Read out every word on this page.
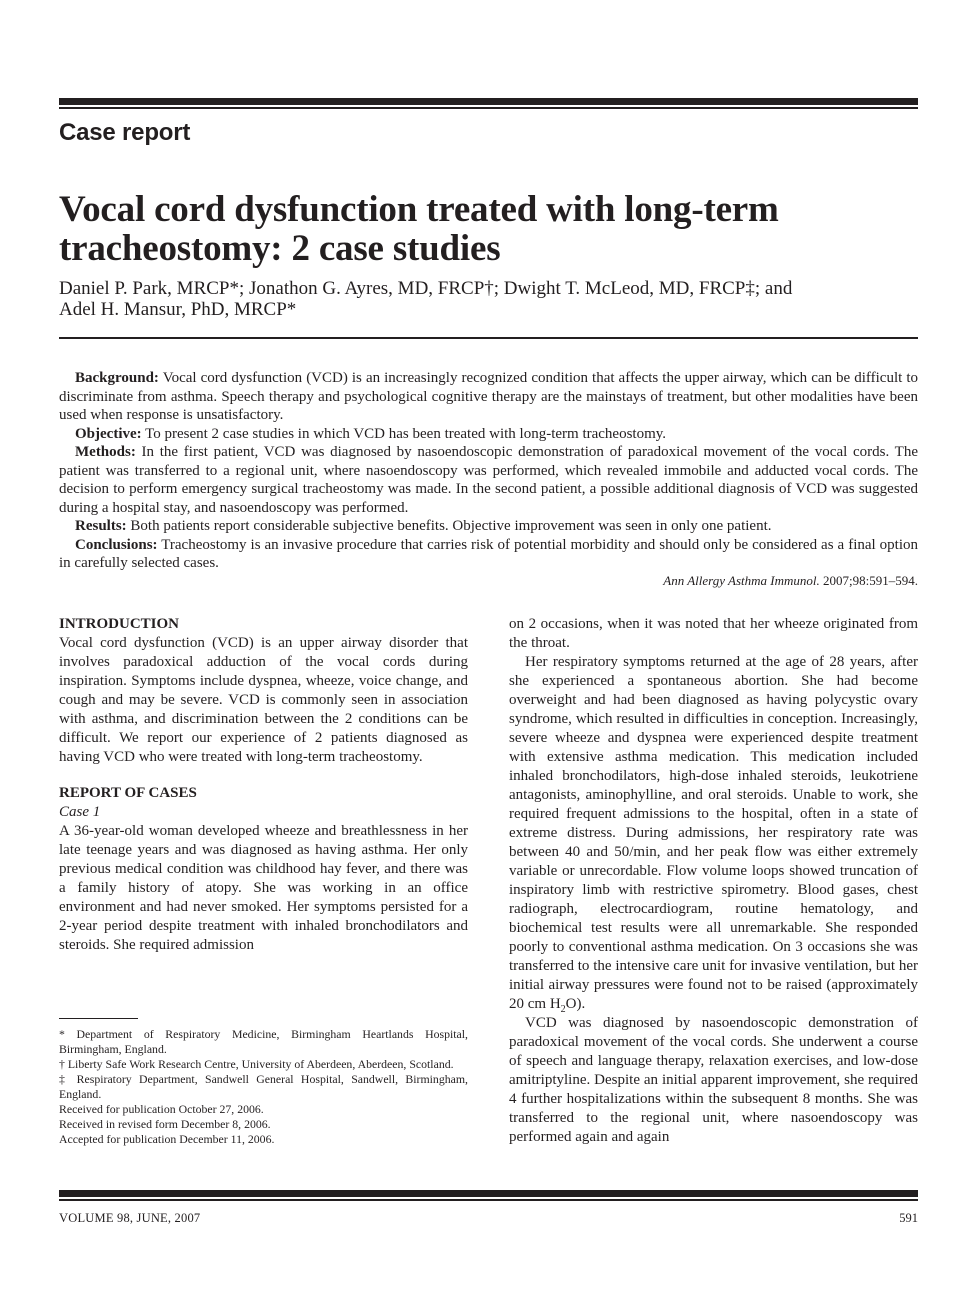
Case report
Vocal cord dysfunction treated with long-term tracheostomy: 2 case studies
Daniel P. Park, MRCP*; Jonathon G. Ayres, MD, FRCP†; Dwight T. McLeod, MD, FRCP‡; and
Adel H. Mansur, PhD, MRCP*

Background: Vocal cord dysfunction (VCD) is an increasingly recognized condition that affects the upper airway, which can be difficult to discriminate from asthma. Speech therapy and psychological cognitive therapy are the mainstays of treatment, but other modalities have been used when response is unsatisfactory.

Objective: To present 2 case studies in which VCD has been treated with long-term tracheostomy.

Methods: In the first patient, VCD was diagnosed by nasoendoscopic demonstration of paradoxical movement of the vocal cords. The patient was transferred to a regional unit, where nasoendoscopy was performed, which revealed immobile and adducted vocal cords. The decision to perform emergency surgical tracheostomy was made. In the second patient, a possible additional diagnosis of VCD was suggested during a hospital stay, and nasoendoscopy was performed.

Results: Both patients report considerable subjective benefits. Objective improvement was seen in only one patient.

Conclusions: Tracheostomy is an invasive procedure that carries risk of potential morbidity and should only be considered as a final option in carefully selected cases.

Ann Allergy Asthma Immunol. 2007;98:591–594.
INTRODUCTION

Vocal cord dysfunction (VCD) is an upper airway disorder that involves paradoxical adduction of the vocal cords during inspiration. Symptoms include dyspnea, wheeze, voice change, and cough and may be severe. VCD is commonly seen in association with asthma, and discrimination between the 2 conditions can be difficult. We report our experience of 2 patients diagnosed as having VCD who were treated with long-term tracheostomy.

REPORT OF CASES
Case 1

A 36-year-old woman developed wheeze and breathlessness in her late teenage years and was diagnosed as having asthma. Her only previous medical condition was childhood hay fever, and there was a family history of atopy. She was working in an office environment and had never smoked. Her symptoms persisted for a 2-year period despite treatment with inhaled bronchodilators and steroids. She required admission

on 2 occasions, when it was noted that her wheeze originated from the throat.

Her respiratory symptoms returned at the age of 28 years, after she experienced a spontaneous abortion. She had become overweight and had been diagnosed as having polycystic ovary syndrome, which resulted in difficulties in conception. Increasingly, severe wheeze and dyspnea were experienced despite treatment with extensive asthma medication. This medication included inhaled bronchodilators, high-dose inhaled steroids, leukotriene antagonists, aminophylline, and oral steroids. Unable to work, she required frequent admissions to the hospital, often in a state of extreme distress. During admissions, her respiratory rate was between 40 and 50/min, and her peak flow was either extremely variable or unrecordable. Flow volume loops showed truncation of inspiratory limb with restrictive spirometry. Blood gases, chest radiograph, electrocardiogram, routine hematology, and biochemical test results were all unremarkable. She responded poorly to conventional asthma medication. On 3 occasions she was transferred to the intensive care unit for invasive ventilation, but her initial airway pressures were found not to be raised (approximately 20 cm $H_2O$).

VCD was diagnosed by nasoendoscopic demonstration of paradoxical movement of the vocal cords. She underwent a course of speech and language therapy, relaxation exercises, and low-dose amitriptyline. Despite an initial apparent improvement, she required 4 further hospitalizations within the subsequent 8 months. She was transferred to the regional unit, where nasoendoscopy was performed again and again

* Department of Respiratory Medicine, Birmingham Heartlands Hospital, Birmingham, England.

† Liberty Safe Work Research Centre, University of Aberdeen, Aberdeen, Scotland.

‡ Respiratory Department, Sandwell General Hospital, Sandwell, Birmingham, England.

Received for publication October 27, 2006.

Received in revised form December 8, 2006.

Accepted for publication December 11, 2006.

VOLUME 98, JUNE, 2007	591
